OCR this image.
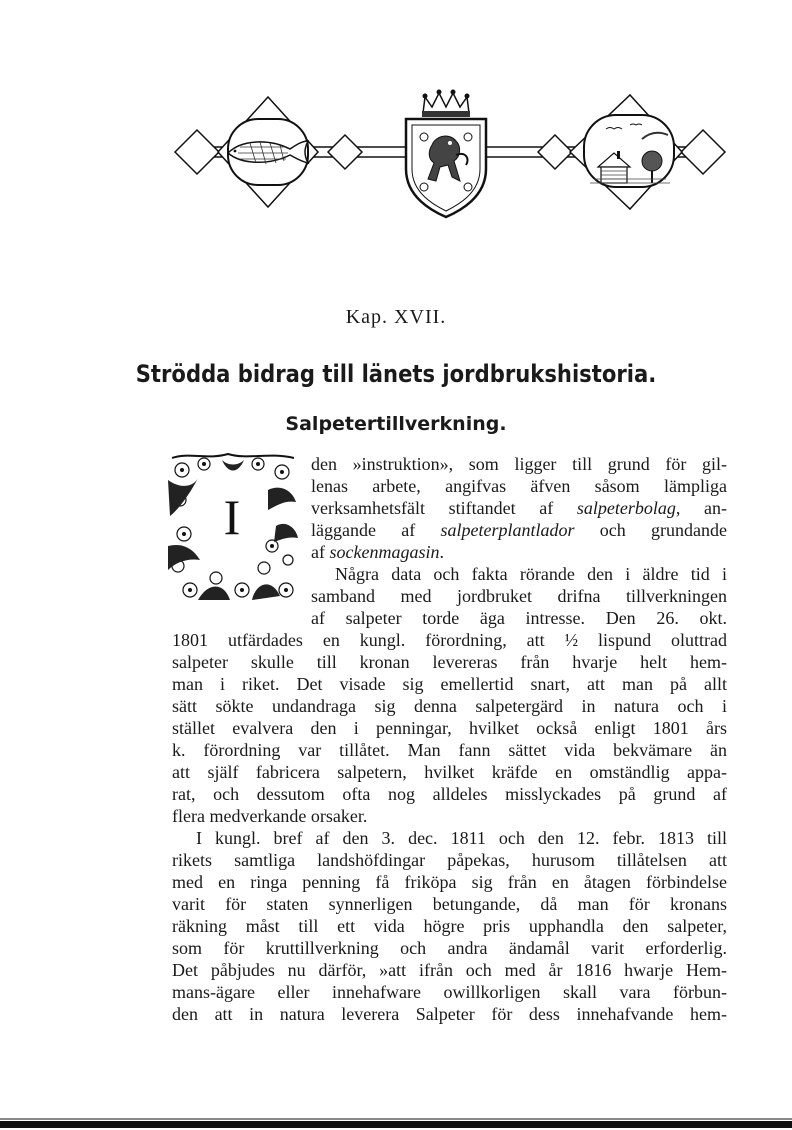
Kap. XVII.
Strödda bidrag till länets jordbrukshistoria.
Salpetertillverkning.
I
den »instruktion», som ligger till grund för gil-
lenas arbete, angifvas äfven såsom lämpliga
verksamhetsfält stiftandet af salpeterbolag, an-
läggande af salpeterplantlador och grundande
af sockenmagasin.
Några data och fakta rörande den i äldre tid i
samband med jordbruket drifna tillverkningen
af salpeter torde äga intresse. Den 26. okt.
1801 utfärdades en kungl. förordning, att ½ lispund oluttrad
salpeter skulle till kronan levereras från hvarje helt hem-
man i riket. Det visade sig emellertid snart, att man på allt
sätt sökte undandraga sig denna salpetergärd in natura och i
stället evalvera den i penningar, hvilket också enligt 1801 års
k. förordning var tillåtet. Man fann sättet vida bekvämare än
att själf fabricera salpetern, hvilket kräfde en omständlig appa-
rat, och dessutom ofta nog alldeles misslyckades på grund af
flera medverkande orsaker.
I kungl. bref af den 3. dec. 1811 och den 12. febr. 1813 till
rikets samtliga landshöfdingar påpekas, hurusom tillåtelsen att
med en ringa penning få friköpa sig från en åtagen förbindelse
varit för staten synnerligen betungande, då man för kronans
räkning måst till ett vida högre pris upphandla den salpeter,
som för kruttillverkning och andra ändamål varit erforderlig.
Det påbjudes nu därför, »att ifrån och med år 1816 hwarje Hem-
mans-ägare eller innehafware owillkorligen skall vara förbun-
den att in natura leverera Salpeter för dess innehafvande hem-
